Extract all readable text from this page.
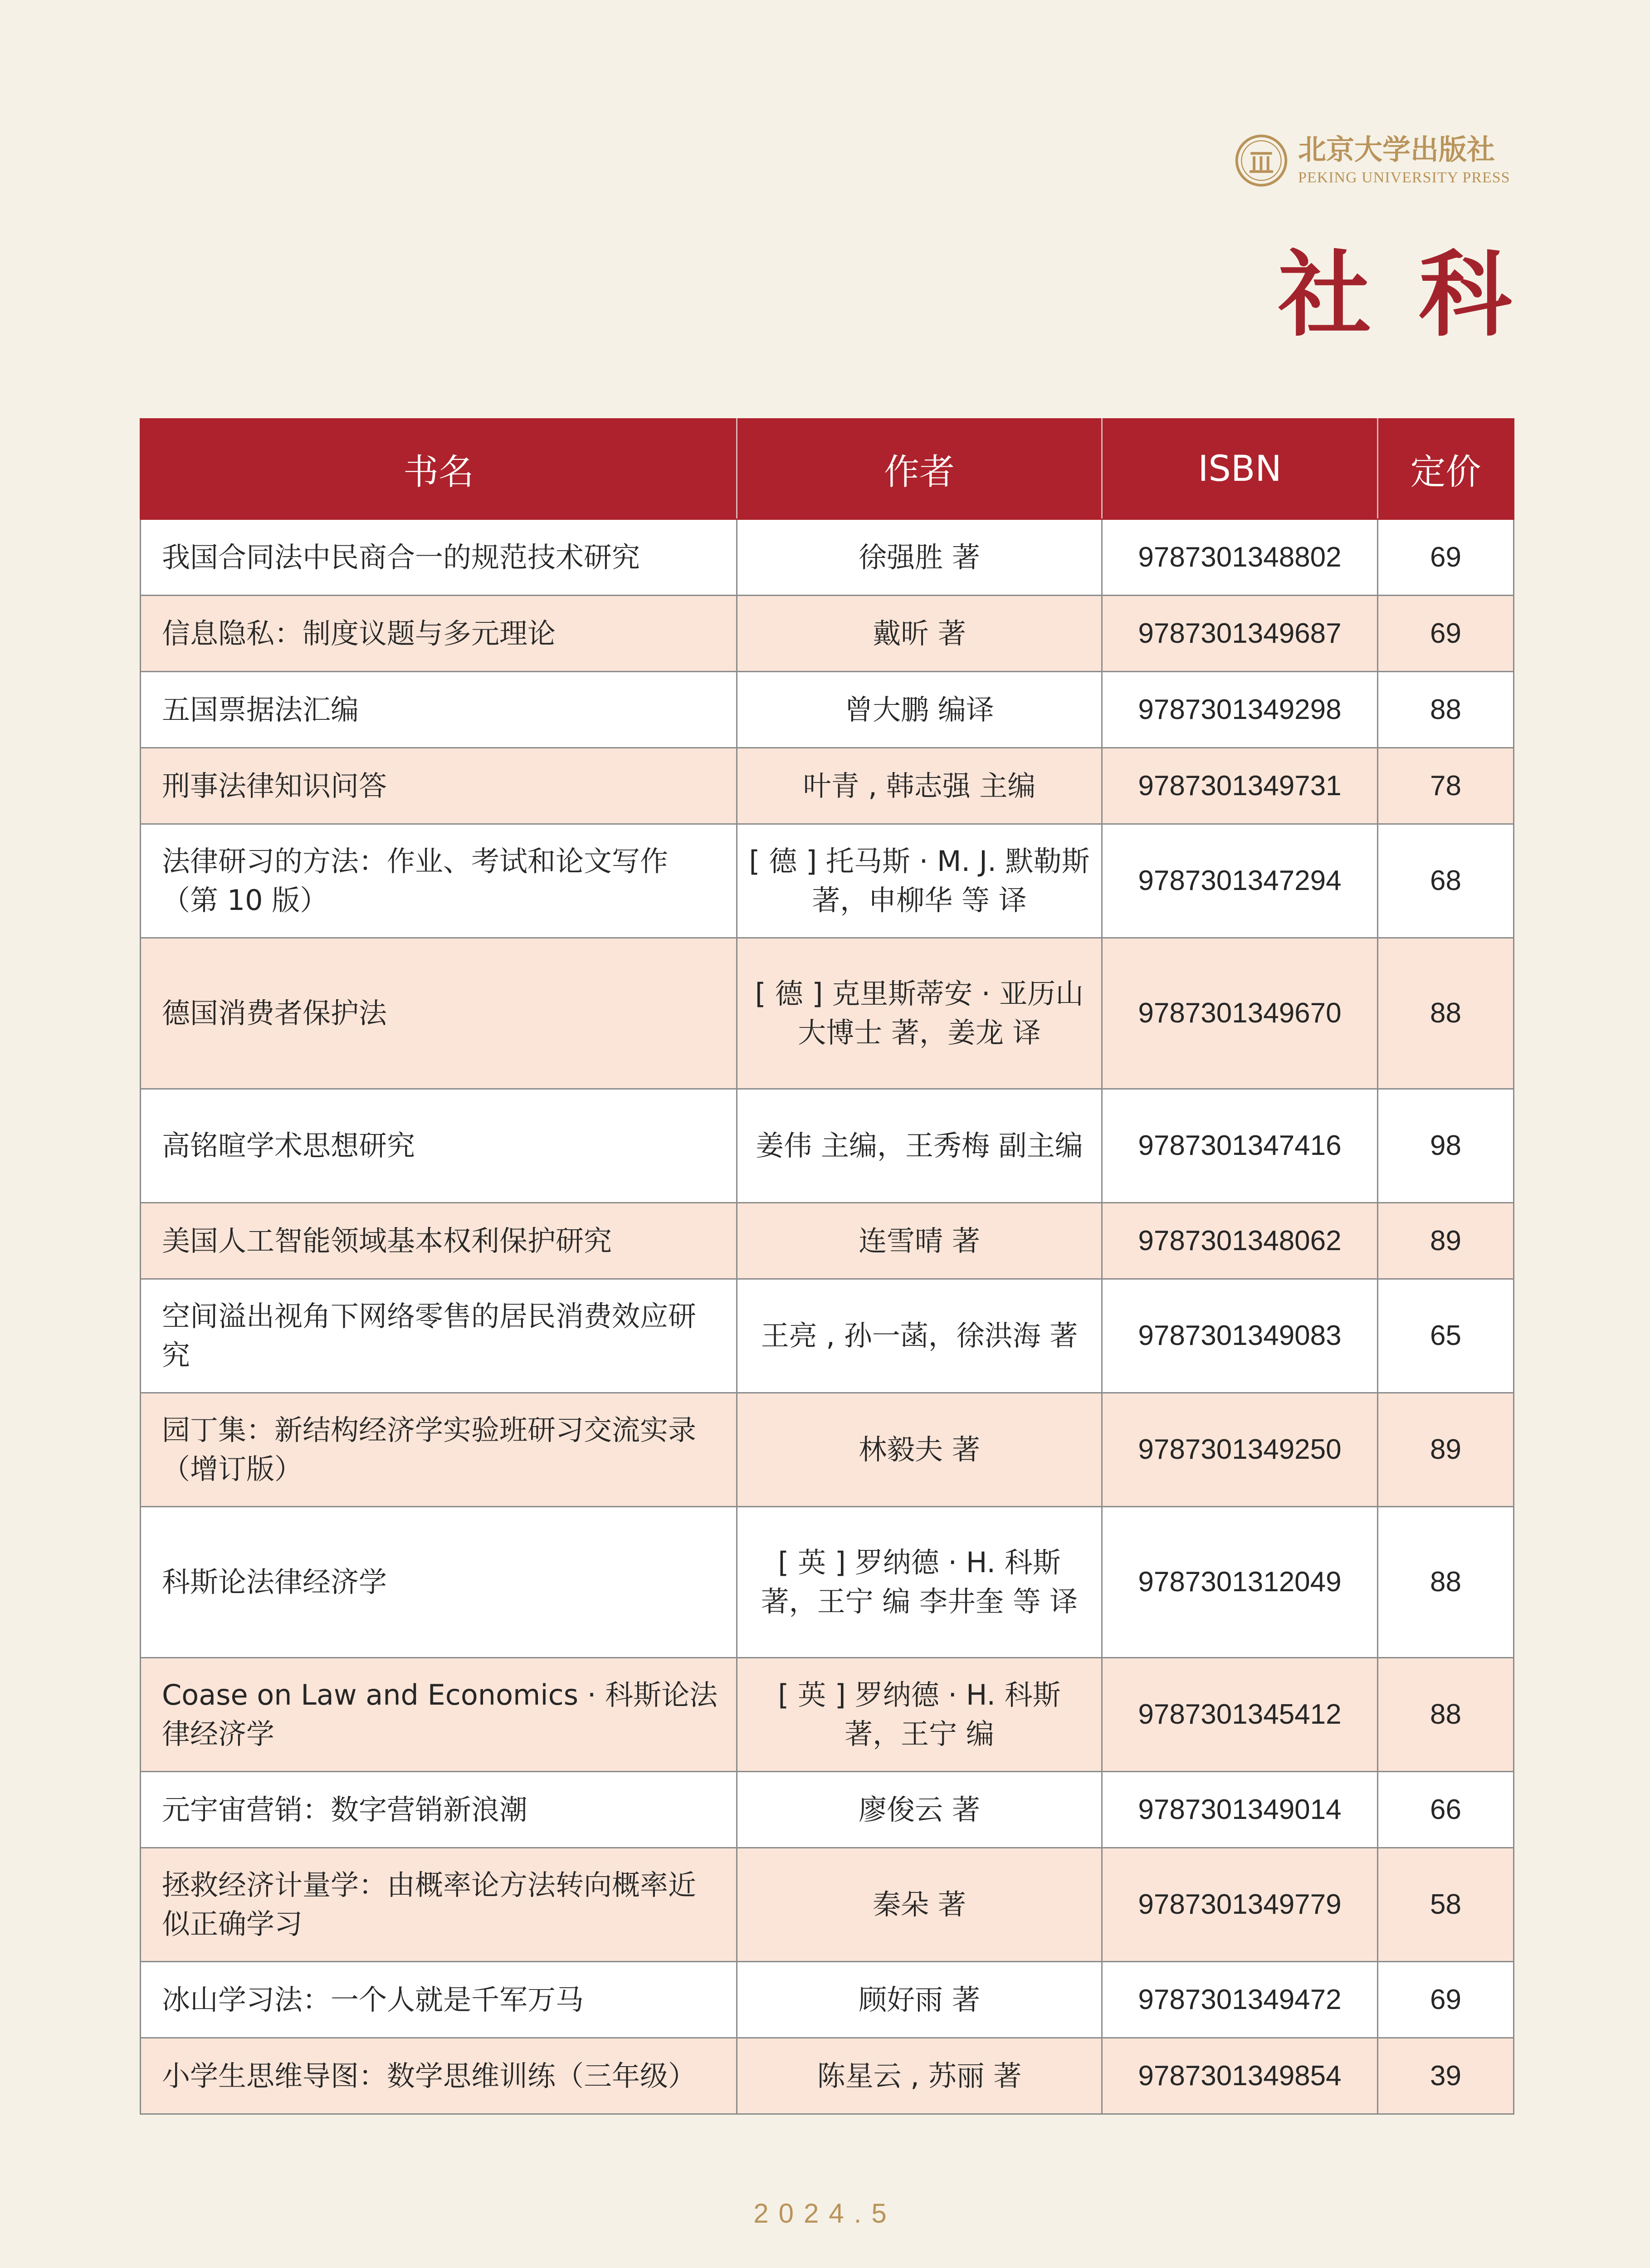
北京大学出版社
PEKING UNIVERSITY PRESS
社科
书名	作者	ISBN	定价
我国合同法中民商合一的规范技术研究	徐强胜 著	9787301348802	69
信息隐私：制度议题与多元理论	戴昕 著	9787301349687	69
五国票据法汇编	曾大鹏 编译	9787301349298	88
刑事法律知识问答	叶青 , 韩志强 主编	9787301349731	78
法律研习的方法：作业、考试和论文写作（第 10 版）	[ 德 ] 托马斯 · M. J. 默勒斯 著，申柳华 等 译	9787301347294	68
德国消费者保护法	[ 德 ] 克里斯蒂安 · 亚历山大博士 著，姜龙 译	9787301349670	88
高铭暄学术思想研究	姜伟 主编，王秀梅 副主编	9787301347416	98
美国人工智能领域基本权利保护研究	连雪晴 著	9787301348062	89
空间溢出视角下网络零售的居民消费效应研究	王亮 , 孙一菡，徐洪海 著	9787301349083	65
园丁集：新结构经济学实验班研习交流实录（增订版）	林毅夫 著	9787301349250	89
科斯论法律经济学	[ 英 ] 罗纳德 · H. 科斯 著，王宁 编 李井奎 等 译	9787301312049	88
Coase on Law and Economics · 科斯论法律经济学	[ 英 ] 罗纳德 · H. 科斯 著，王宁 编	9787301345412	88
元宇宙营销：数字营销新浪潮	廖俊云 著	9787301349014	66
拯救经济计量学：由概率论方法转向概率近似正确学习	秦朵 著	9787301349779	58
冰山学习法：一个人就是千军万马	顾好雨 著	9787301349472	69
小学生思维导图：数学思维训练（三年级）	陈星云 , 苏丽 著	9787301349854	39
2024.5
